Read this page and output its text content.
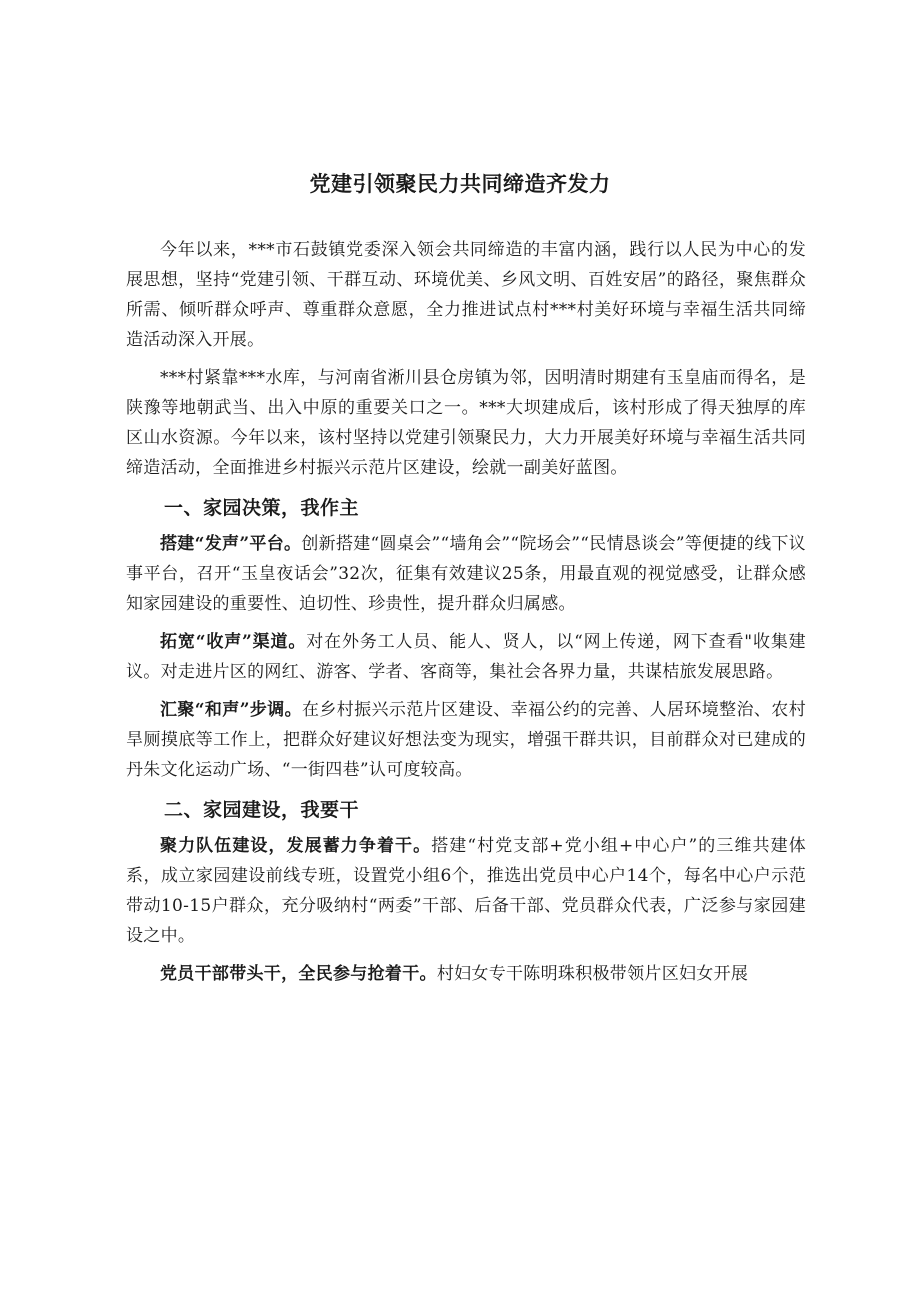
党建引领聚民力共同缔造齐发力

今年以来，***市石鼓镇党委深入领会共同缔造的丰富内涵，践行以人民为中心的发展思想，坚持“党建引领、干群互动、环境优美、乡风文明、百姓安居”的路径，聚焦群众所需、倾听群众呼声、尊重群众意愿，全力推进试点村***村美好环境与幸福生活共同缔造活动深入开展。

***村紧靠***水库，与河南省淅川县仓房镇为邻，因明清时期建有玉皇庙而得名，是陕豫等地朝武当、出入中原的重要关口之一。***大坝建成后，该村形成了得天独厚的库区山水资源。今年以来，该村坚持以党建引领聚民力，大力开展美好环境与幸福生活共同缔造活动，全面推进乡村振兴示范片区建设，绘就一副美好蓝图。

一、家园决策，我作主

搭建“发声”平台。创新搭建“圆桌会”“墙角会”“院场会”“民情恳谈会”等便捷的线下议事平台，召开“玉皇夜话会”32次，征集有效建议25条，用最直观的视觉感受，让群众感知家园建设的重要性、迫切性、珍贵性，提升群众归属感。

拓宽“收声”渠道。对在外务工人员、能人、贤人，以“网上传递，网下查看"收集建议。对走进片区的网红、游客、学者、客商等，集社会各界力量，共谋桔旅发展思路。

汇聚“和声”步调。在乡村振兴示范片区建设、幸福公约的完善、人居环境整治、农村旱厕摸底等工作上，把群众好建议好想法变为现实，增强干群共识，目前群众对已建成的丹朱文化运动广场、“一街四巷”认可度较高。

二、家园建设，我要干

聚力队伍建设，发展蓄力争着干。搭建“村党支部+党小组+中心户”的三维共建体系，成立家园建设前线专班，设置党小组6个，推选出党员中心户14个，每名中心户示范带动10-15户群众，充分吸纳村“两委”干部、后备干部、党员群众代表，广泛参与家园建设之中。

党员干部带头干，全民参与抢着干。村妇女专干陈明珠积极带领片区妇女开展
